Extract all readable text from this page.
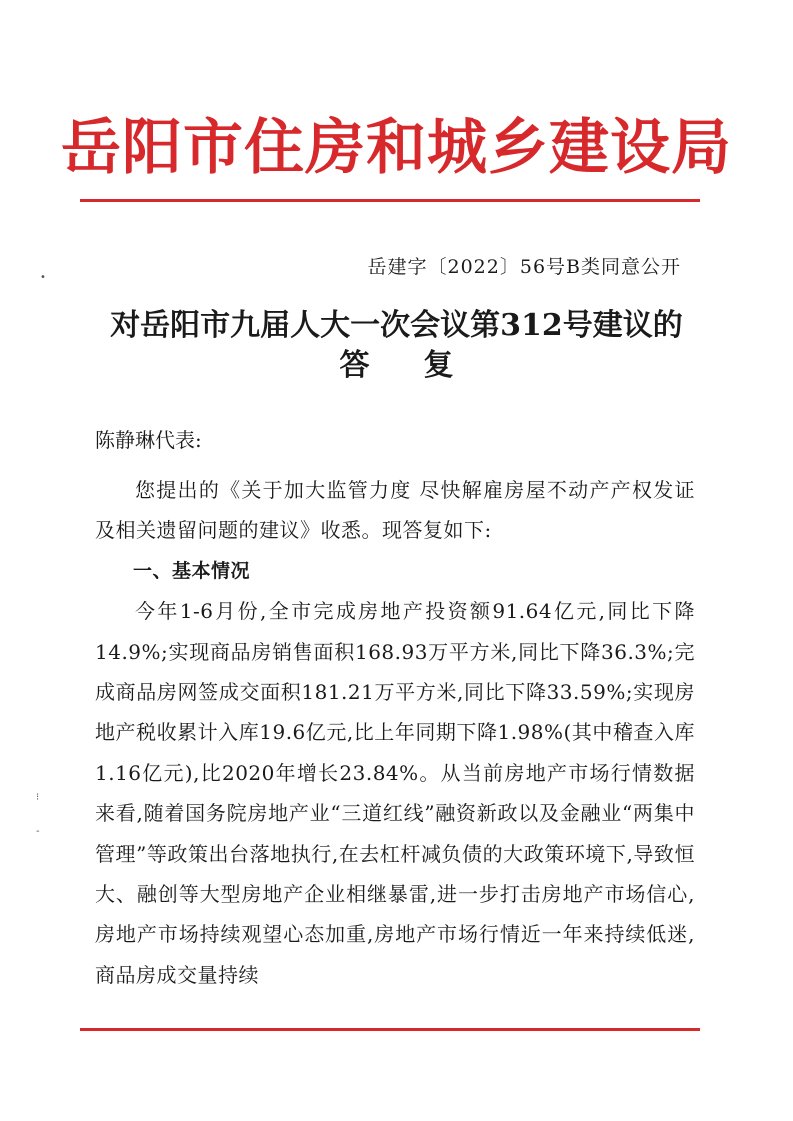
岳阳市住房和城乡建设局
岳建字〔2022〕56号B类同意公开
对岳阳市九届人大一次会议第312号建议的
答复
陈静琳代表:

您提出的《关于加大监管力度 尽快解雇房屋不动产产权发证及相关遗留问题的建议》收悉。现答复如下:

一、基本情况

今年1-6月份,全市完成房地产投资额91.64亿元,同比下降14.9%;实现商品房销售面积168.93万平方米,同比下降36.3%;完成商品房网签成交面积181.21万平方米,同比下降33.59%;实现房地产税收累计入库19.6亿元,比上年同期下降1.98%(其中稽查入库1.16亿元),比2020年增长23.84%。从当前房地产市场行情数据来看,随着国务院房地产业“三道红线”融资新政以及金融业“两集中管理”等政策出台落地执行,在去杠杆减负债的大政策环境下,导致恒大、融创等大型房地产企业相继暴雷,进一步打击房地产市场信心,房地产市场持续观望心态加重,房地产市场行情近一年来持续低迷,商品房成交量持续

•
⁝
-
